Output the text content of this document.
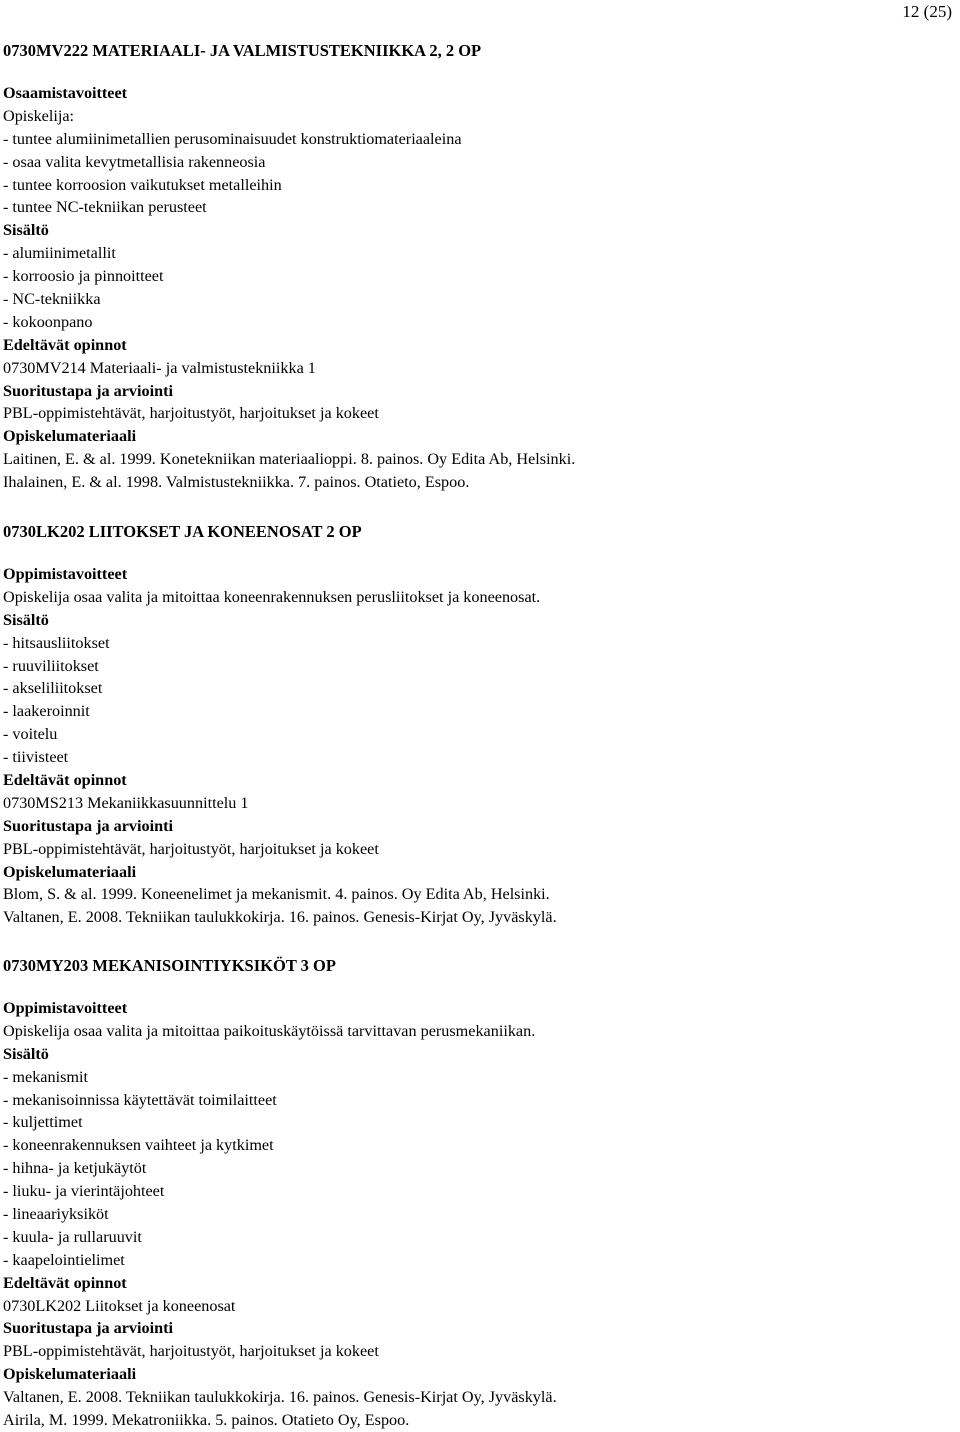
12 (25)
0730MV222 MATERIAALI- JA VALMISTUSTEKNIIKKA 2, 2 OP
Osaamistavoitteet
Opiskelija:
- tuntee alumiinimetallien perusominaisuudet konstruktiomateriaaleina
- osaa valita kevytmetallisia rakenneosia
- tuntee korroosion vaikutukset metalleihin
- tuntee NC-tekniikan perusteet
Sisältö
- alumiinimetallit
- korroosio ja pinnoitteet
- NC-tekniikka
- kokoonpano
Edeltävät opinnot
0730MV214 Materiaali- ja valmistustekniikka 1
Suoritustapa ja arviointi
PBL-oppimistehtävät, harjoitustyöt, harjoitukset ja kokeet
Opiskelumateriaali
Laitinen, E. & al. 1999. Konetekniikan materiaalioppi. 8. painos. Oy Edita Ab, Helsinki.
Ihalainen, E. & al. 1998. Valmistustekniikka. 7. painos. Otatieto, Espoo.
0730LK202 LIITOKSET JA KONEENOSAT 2 OP
Oppimistavoitteet
Opiskelija osaa valita ja mitoittaa koneenrakennuksen perusliitokset ja koneenosat.
Sisältö
- hitsausliitokset
- ruuviliitokset
- akseliliitokset
- laakeroinnit
- voitelu
- tiivisteet
Edeltävät opinnot
0730MS213 Mekaniikkasuunnittelu 1
Suoritustapa ja arviointi
PBL-oppimistehtävät, harjoitustyöt, harjoitukset ja kokeet
Opiskelumateriaali
Blom, S. & al. 1999. Koneenelimet ja mekanismit. 4. painos. Oy Edita Ab, Helsinki.
Valtanen, E. 2008. Tekniikan taulukkokirja. 16. painos. Genesis-Kirjat Oy, Jyväskylä.
0730MY203 MEKANISOINTIYKSIKÖT 3 OP
Oppimistavoitteet
Opiskelija osaa valita ja mitoittaa paikoituskäytöissä tarvittavan perusmekaniikan.
Sisältö
- mekanismit
- mekanisoinnissa käytettävät toimilaitteet
- kuljettimet
- koneenrakennuksen vaihteet ja kytkimet
- hihna- ja ketjukäytöt
- liuku- ja vierintäjohteet
- lineaariyksiköt
- kuula- ja rullaruuvit
- kaapelointielimet
Edeltävät opinnot
0730LK202 Liitokset ja koneenosat
Suoritustapa ja arviointi
PBL-oppimistehtävät, harjoitustyöt, harjoitukset ja kokeet
Opiskelumateriaali
Valtanen, E. 2008. Tekniikan taulukkokirja. 16. painos. Genesis-Kirjat Oy, Jyväskylä.
Airila, M. 1999. Mekatroniikka. 5. painos. Otatieto Oy, Espoo.
